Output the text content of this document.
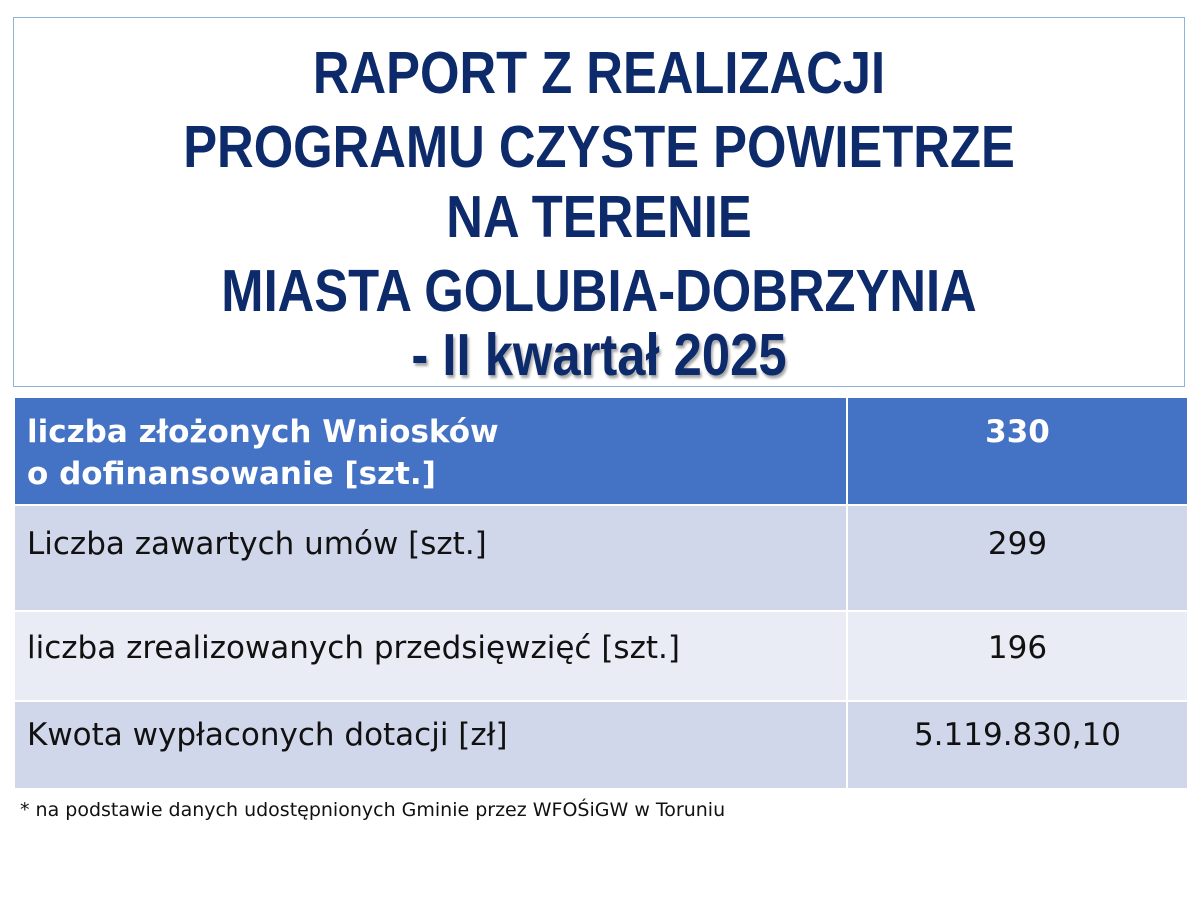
RAPORT Z REALIZACJI
PROGRAMU CZYSTE POWIETRZE
NA TERENIE
MIASTA GOLUBIA-DOBRZYNIA
- II kwartał 2025
liczba złożonych Wniosków
o dofinansowanie [szt.]	330
Liczba zawartych umów [szt.]	299
liczba zrealizowanych przedsięwzięć [szt.]	196
Kwota wypłaconych dotacji [zł]	5.119.830,10
* na podstawie danych udostępnionych Gminie przez WFOŚiGW w Toruniu
